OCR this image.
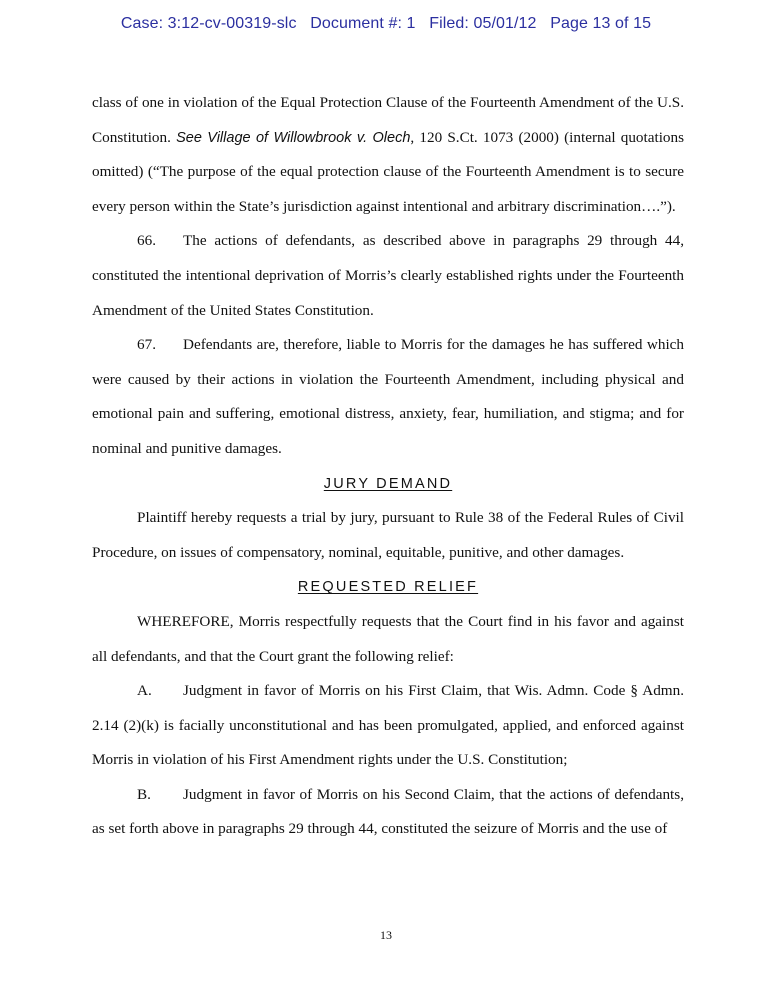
Case: 3:12-cv-00319-slc Document #: 1 Filed: 05/01/12 Page 13 of 15

class of one in violation of the Equal Protection Clause of the Fourteenth Amendment of the U.S. Constitution. See Village of Willowbrook v. Olech, 120 S.Ct. 1073 (2000) (internal quotations omitted) (“The purpose of the equal protection clause of the Fourteenth Amendment is to secure every person within the State’s jurisdiction against intentional and arbitrary discrimination….”).

66. The actions of defendants, as described above in paragraphs 29 through 44, constituted the intentional deprivation of Morris’s clearly established rights under the Fourteenth Amendment of the United States Constitution.

67. Defendants are, therefore, liable to Morris for the damages he has suffered which were caused by their actions in violation the Fourteenth Amendment, including physical and emotional pain and suffering, emotional distress, anxiety, fear, humiliation, and stigma; and for nominal and punitive damages.

JURY DEMAND

Plaintiff hereby requests a trial by jury, pursuant to Rule 38 of the Federal Rules of Civil Procedure, on issues of compensatory, nominal, equitable, punitive, and other damages.

REQUESTED RELIEF

WHEREFORE, Morris respectfully requests that the Court find in his favor and against all defendants, and that the Court grant the following relief:

A. Judgment in favor of Morris on his First Claim, that Wis. Admn. Code § Admn. 2.14 (2)(k) is facially unconstitutional and has been promulgated, applied, and enforced against Morris in violation of his First Amendment rights under the U.S. Constitution;

B. Judgment in favor of Morris on his Second Claim, that the actions of defendants, as set forth above in paragraphs 29 through 44, constituted the seizure of Morris and the use of

13
